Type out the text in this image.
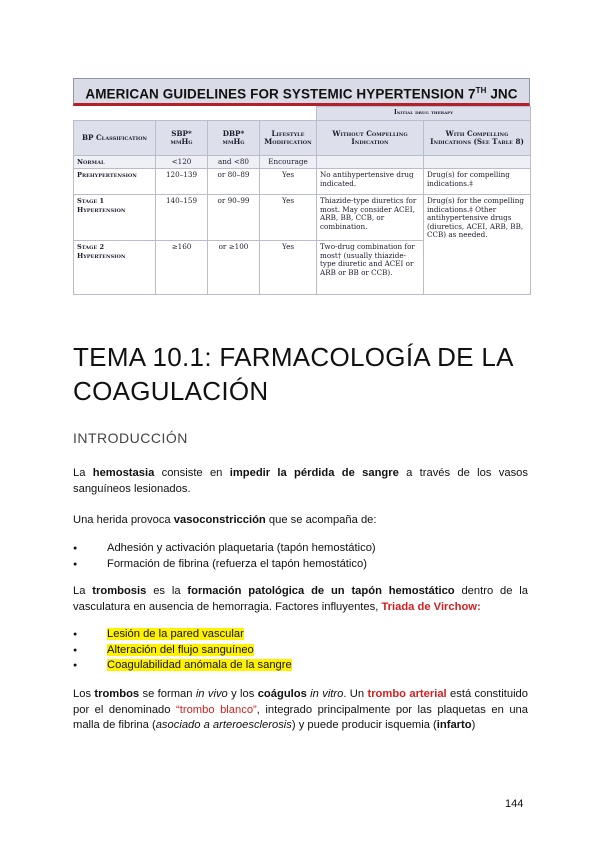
AMERICAN GUIDELINES FOR SYSTEMIC HYPERTENSION 7TH JNC
				Initial drug therapy	
BP Classification	SBP* mmHg	DBP* mmHg	Lifestyle Modification	Without Compelling Indication	With Compelling Indications (See Table 8)
Normal	<120	and <80	Encourage		
Prehypertension	120–139	or 80–89	Yes	No antihypertensive drug indicated.	Drug(s) for compelling indications.‡
Stage 1 Hypertension	140–159	or 90–99	Yes	Thiazide-type diuretics for most. May consider ACEI, ARB, BB, CCB, or combination.	Drug(s) for the compelling indications.‡ Other antihypertensive drugs (diuretics, ACEI, ARB, BB, CCB) as needed.
Stage 2 Hypertension	≥160	or ≥100	Yes	Two-drug combination for most† (usually thiazide-type diuretic and ACEI or ARB or BB or CCB).	
TEMA 10.1: FARMACOLOGÍA DE LA COAGULACIÓN
INTRODUCCIÓN
La hemostasia consiste en impedir la pérdida de sangre a través de los vasos sanguíneos lesionados.
Una herida provoca vasoconstricción que se acompaña de:
Adhesión y activación plaquetaria (tapón hemostático)
Formación de fibrina (refuerza el tapón hemostático)
La trombosis es la formación patológica de un tapón hemostático dentro de la vasculatura en ausencia de hemorragia. Factores influyentes, Triada de Virchow:
Lesión de la pared vascular
Alteración del flujo sanguíneo
Coagulabilidad anómala de la sangre
Los trombos se forman in vivo y los coágulos in vitro. Un trombo arterial está constituido por el denominado “trombo blanco”, integrado principalmente por las plaquetas en una malla de fibrina (asociado a arteroesclerosis) y puede producir isquemia (infarto)
144
